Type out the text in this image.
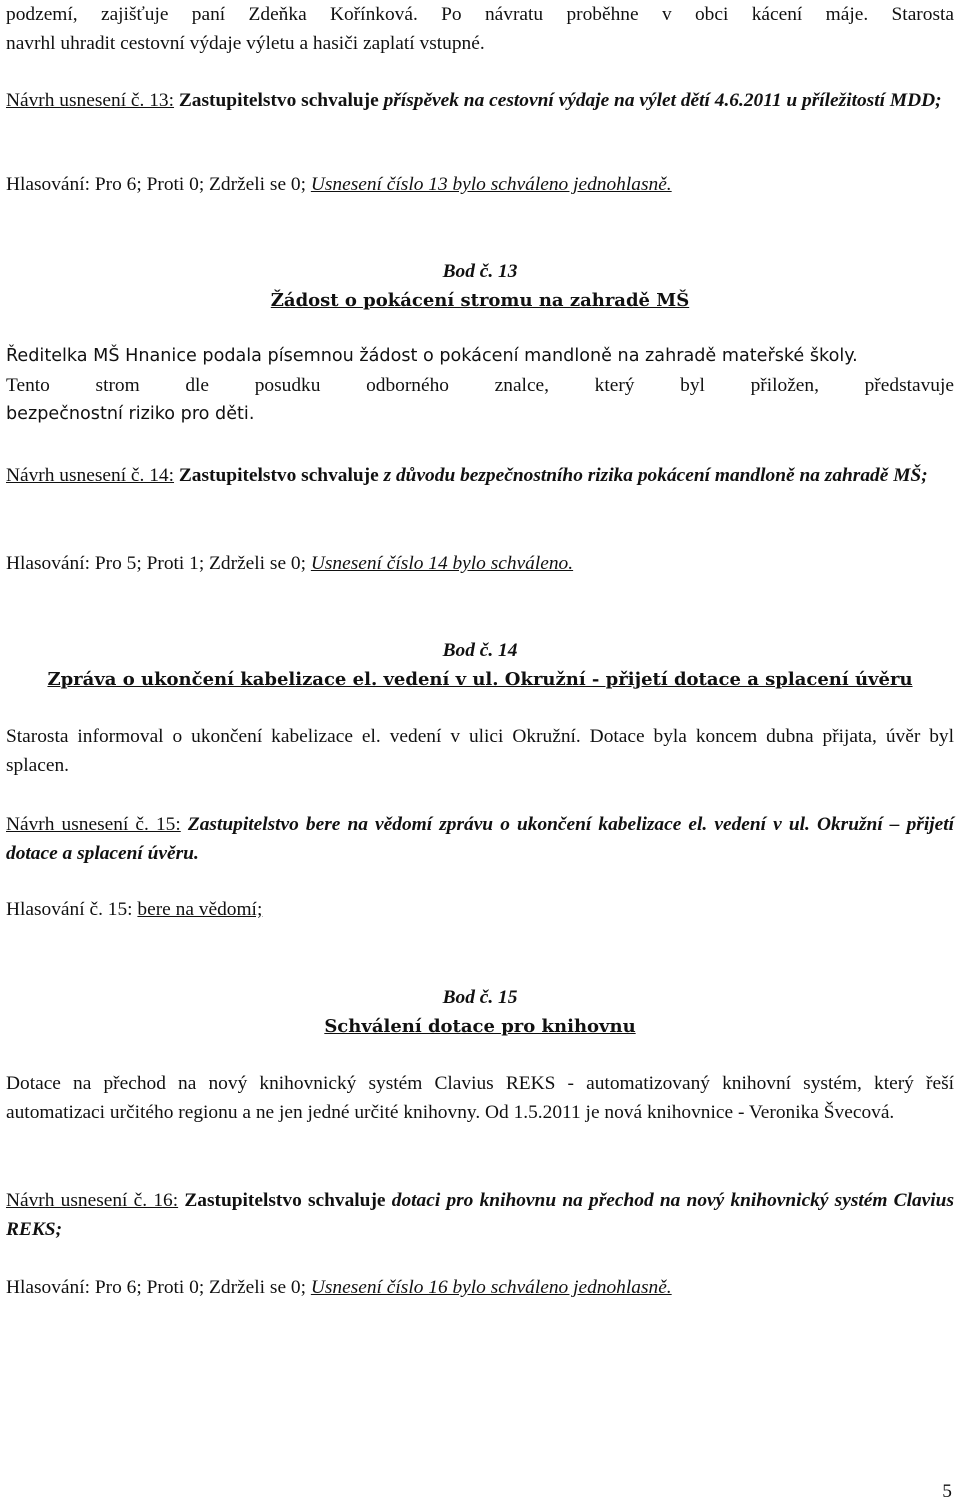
podzemí, zajišťuje paní Zdeňka Kořínková. Po návratu proběhne v obci kácení máje. Starosta

navrhl uhradit cestovní výdaje výletu a hasiči zaplatí vstupné.

Návrh usnesení č. 13: Zastupitelstvo schvaluje příspěvek na cestovní výdaje na výlet dětí 4.6.2011 u příležitostí MDD;

Hlasování: Pro 6; Proti 0; Zdrželi se 0; Usnesení číslo 13 bylo schváleno jednohlasně.
Bod č. 13
Žádost o pokácení stromu na zahradě MŠ

Ředitelka MŠ Hnanice podala písemnou žádost o pokácení mandloně na zahradě mateřské školy.

Tento strom dle posudku odborného znalce, který byl přiložen, představuje

bezpečnostní riziko pro děti.

Návrh usnesení č. 14: Zastupitelstvo schvaluje z důvodu bezpečnostního rizika pokácení mandloně na zahradě MŠ;

Hlasování: Pro 5; Proti 1; Zdrželi se 0; Usnesení číslo 14 bylo schváleno.
Bod č. 14
Zpráva o ukončení kabelizace el. vedení v ul. Okružní - přijetí dotace a splacení úvěru
Starosta informoval o ukončení kabelizace el. vedení v ulici Okružní. Dotace byla koncem dubna přijata, úvěr byl splacen.

Návrh usnesení č. 15: Zastupitelstvo bere na vědomí zprávu o ukončení kabelizace el. vedení v ul. Okružní – přijetí dotace a splacení úvěru.

Hlasování č. 15: bere na vědomí;
Bod č. 15
Schválení dotace pro knihovnu
Dotace na přechod na nový knihovnický systém Clavius REKS - automatizovaný knihovní systém, který řeší automatizaci určitého regionu a ne jen jedné určité knihovny. Od 1.5.2011 je nová knihovnice - Veronika Švecová.

Návrh usnesení č. 16: Zastupitelstvo schvaluje dotaci pro knihovnu na přechod na nový knihovnický systém Clavius REKS;

Hlasování: Pro 6; Proti 0; Zdrželi se 0; Usnesení číslo 16 bylo schváleno jednohlasně.
5
